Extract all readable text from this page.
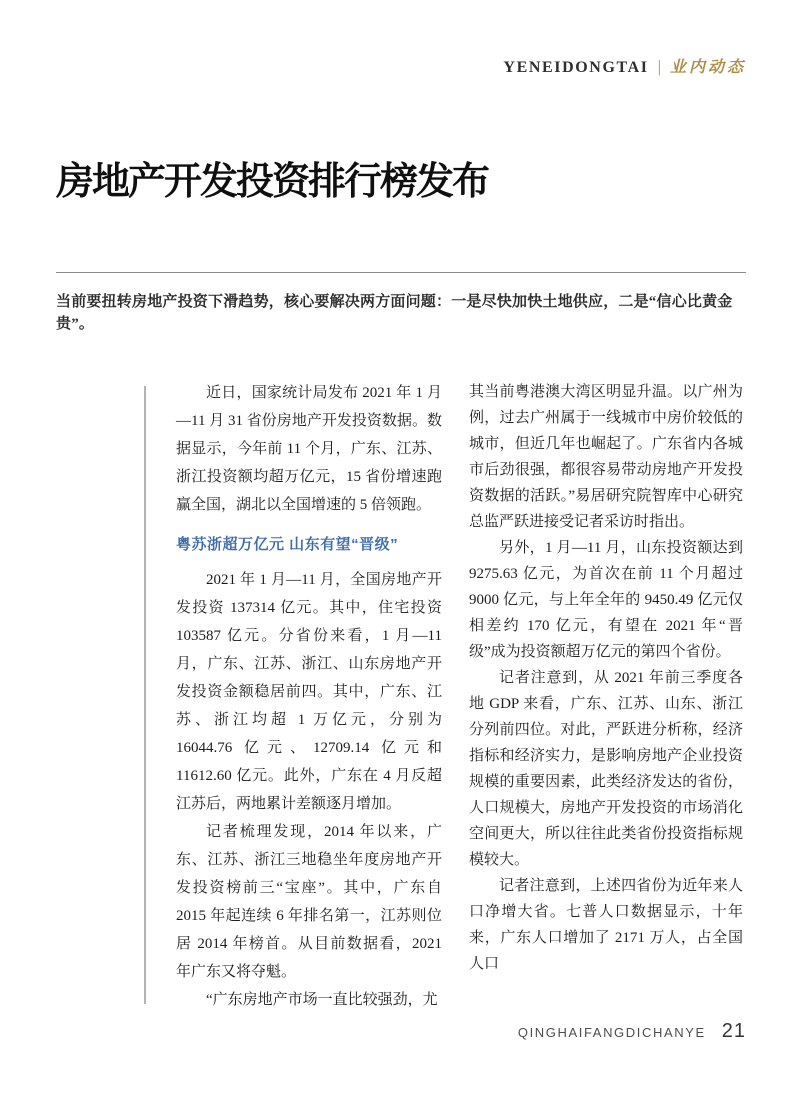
YENEIDONGTAI | 业内动态
房地产开发投资排行榜发布

当前要扭转房地产投资下滑趋势，核心要解决两方面问题：一是尽快加快土地供应，二是“信心比黄金贵”。

近日，国家统计局发布 2021 年 1 月—11 月 31 省份房地产开发投资数据。数据显示，今年前 11 个月，广东、江苏、浙江投资额均超万亿元，15 省份增速跑赢全国，湖北以全国增速的 5 倍领跑。

粤苏浙超万亿元 山东有望“晋级”

2021 年 1 月—11 月，全国房地产开发投资 137314 亿元。其中，住宅投资 103587 亿元。分省份来看，1 月—11 月，广东、江苏、浙江、山东房地产开发投资金额稳居前四。其中，广东、江苏、浙江均超 1 万亿元，分别为 16044.76 亿元、12709.14 亿元和 11612.60 亿元。此外，广东在 4 月反超江苏后，两地累计差额逐月增加。

记者梳理发现，2014 年以来，广东、江苏、浙江三地稳坐年度房地产开发投资榜前三“宝座”。其中，广东自 2015 年起连续 6 年排名第一，江苏则位居 2014 年榜首。从目前数据看，2021 年广东又将夺魁。

“广东房地产市场一直比较强劲，尤

其当前粤港澳大湾区明显升温。以广州为例，过去广州属于一线城市中房价较低的城市，但近几年也崛起了。广东省内各城市后劲很强，都很容易带动房地产开发投资数据的活跃。”易居研究院智库中心研究总监严跃进接受记者采访时指出。

另外，1 月—11 月，山东投资额达到 9275.63 亿元，为首次在前 11 个月超过 9000 亿元，与上年全年的 9450.49 亿元仅相差约 170 亿元，有望在 2021 年“晋级”成为投资额超万亿元的第四个省份。

记者注意到，从 2021 年前三季度各地 GDP 来看，广东、江苏、山东、浙江分列前四位。对此，严跃进分析称，经济指标和经济实力，是影响房地产企业投资规模的重要因素，此类经济发达的省份，人口规模大，房地产开发投资的市场消化空间更大，所以往往此类省份投资指标规模较大。

记者注意到，上述四省份为近年来人口净增大省。七普人口数据显示，十年来，广东人口增加了 2171 万人，占全国人口

QINGHAIFANGDICHANYE 21
